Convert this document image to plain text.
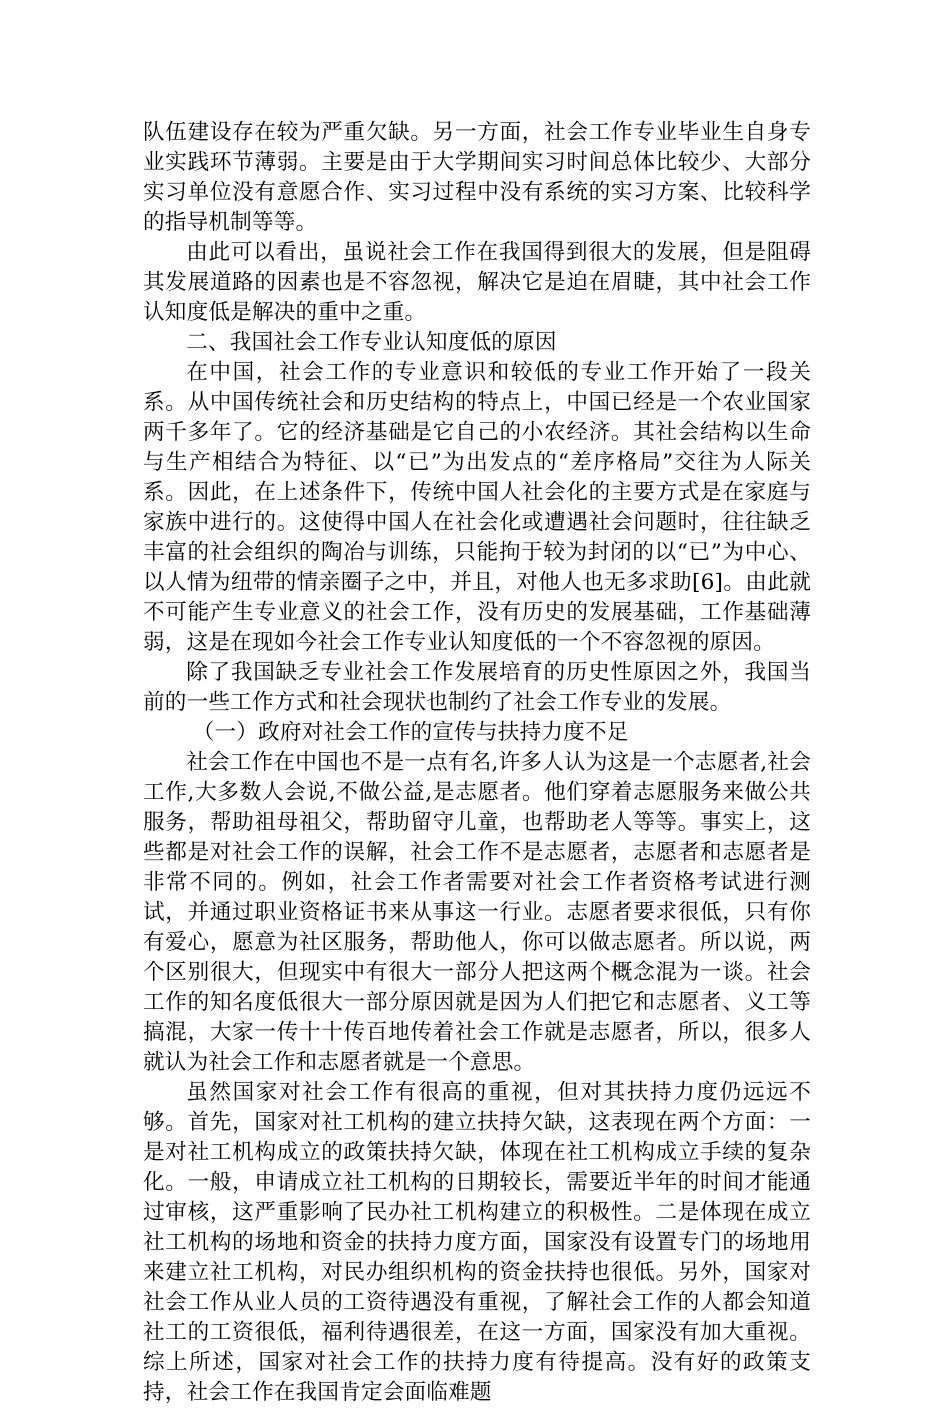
队伍建设存在较为严重欠缺。另一方面，社会工作专业毕业生自身专业实践环节薄弱。主要是由于大学期间实习时间总体比较少、大部分实习单位没有意愿合作、实习过程中没有系统的实习方案、比较科学的指导机制等等。

由此可以看出，虽说社会工作在我国得到很大的发展，但是阻碍其发展道路的因素也是不容忽视，解决它是迫在眉睫，其中社会工作认知度低是解决的重中之重。

二、我国社会工作专业认知度低的原因

在中国，社会工作的专业意识和较低的专业工作开始了一段关系。从中国传统社会和历史结构的特点上，中国已经是一个农业国家两千多年了。它的经济基础是它自己的小农经济。其社会结构以生命与生产相结合为特征、以“已”为出发点的“差序格局”交往为人际关系。因此，在上述条件下，传统中国人社会化的主要方式是在家庭与家族中进行的。这使得中国人在社会化或遭遇社会问题时，往往缺乏丰富的社会组织的陶冶与训练，只能拘于较为封闭的以“已”为中心、以人情为纽带的情亲圈子之中，并且，对他人也无多求助[6]。由此就不可能产生专业意义的社会工作，没有历史的发展基础，工作基础薄弱，这是在现如今社会工作专业认知度低的一个不容忽视的原因。

除了我国缺乏专业社会工作发展培育的历史性原因之外，我国当前的一些工作方式和社会现状也制约了社会工作专业的发展。

（一）政府对社会工作的宣传与扶持力度不足

社会工作在中国也不是一点有名,许多人认为这是一个志愿者,社会工作,大多数人会说,不做公益,是志愿者。他们穿着志愿服务来做公共服务，帮助祖母祖父，帮助留守儿童，也帮助老人等等。事实上，这些都是对社会工作的误解，社会工作不是志愿者，志愿者和志愿者是非常不同的。例如，社会工作者需要对社会工作者资格考试进行测试，并通过职业资格证书来从事这一行业。志愿者要求很低，只有你有爱心，愿意为社区服务，帮助他人，你可以做志愿者。所以说，两个区别很大，但现实中有很大一部分人把这两个概念混为一谈。社会工作的知名度低很大一部分原因就是因为人们把它和志愿者、义工等搞混，大家一传十十传百地传着社会工作就是志愿者，所以，很多人就认为社会工作和志愿者就是一个意思。

虽然国家对社会工作有很高的重视，但对其扶持力度仍远远不够。首先，国家对社工机构的建立扶持欠缺，这表现在两个方面：一是对社工机构成立的政策扶持欠缺，体现在社工机构成立手续的复杂化。一般，申请成立社工机构的日期较长，需要近半年的时间才能通过审核，这严重影响了民办社工机构建立的积极性。二是体现在成立社工机构的场地和资金的扶持力度方面，国家没有设置专门的场地用来建立社工机构，对民办组织机构的资金扶持也很低。另外，国家对社会工作从业人员的工资待遇没有重视，了解社会工作的人都会知道社工的工资很低，福利待遇很差，在这一方面，国家没有加大重视。综上所述，国家对社会工作的扶持力度有待提高。没有好的政策支持，社会工作在我国肯定会面临难题
